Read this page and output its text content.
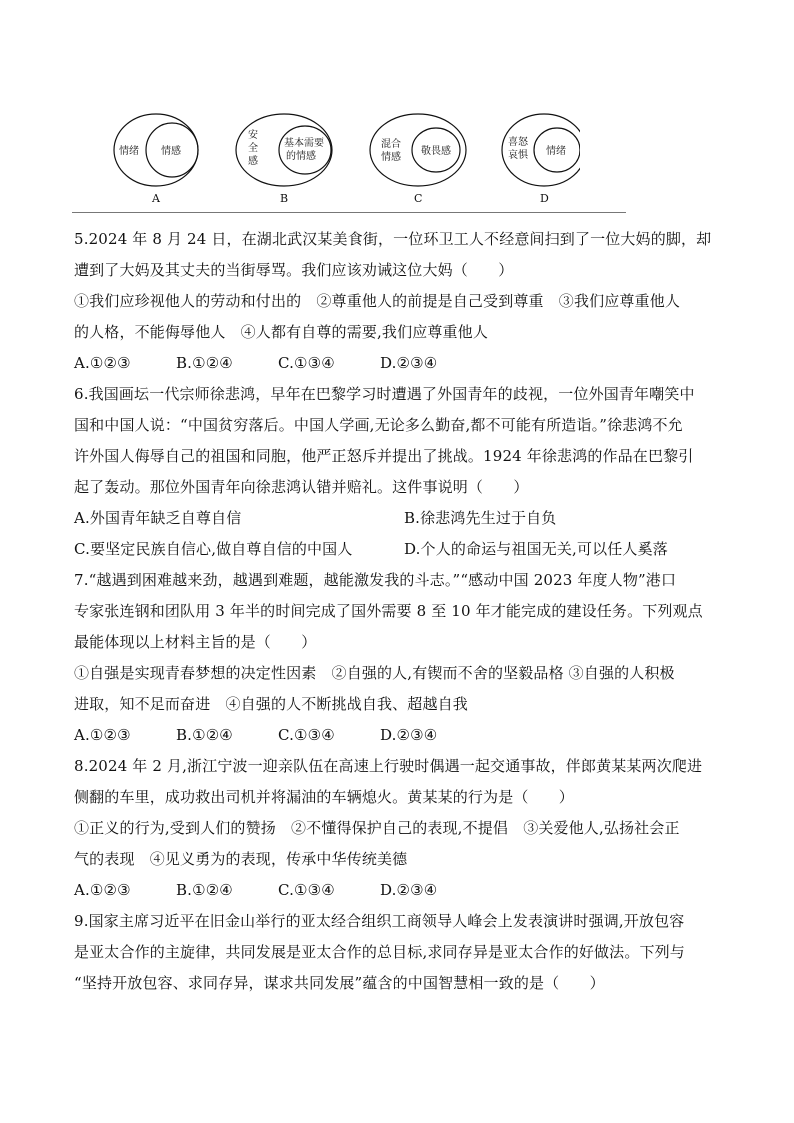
情绪 情感
A
安
全
感
基本需要
的情感
B
混合
情感
敬畏感
C
喜怒
哀惧 情绪
D
5.2024 年 8 月 24 日，在湖北武汉某美食街，一位环卫工人不经意间扫到了一位大妈的脚，却
遭到了大妈及其丈夫的当街辱骂。我们应该劝诫这位大妈（　　）
①我们应珍视他人的劳动和付出的　②尊重他人的前提是自己受到尊重　③我们应尊重他人
的人格，不能侮辱他人　④人都有自尊的需要,我们应尊重他人
A.①②③	B.①②④	C.①③④	D.②③④
6.我国画坛一代宗师徐悲鸿，早年在巴黎学习时遭遇了外国青年的歧视，一位外国青年嘲笑中
国和中国人说：“中国贫穷落后。中国人学画,无论多么勤奋,都不可能有所造诣。”徐悲鸿不允
许外国人侮辱自己的祖国和同胞，他严正怒斥并提出了挑战。1924 年徐悲鸿的作品在巴黎引
起了轰动。那位外国青年向徐悲鸿认错并赔礼。这件事说明（　　）
A.外国青年缺乏自尊自信	B.徐悲鸿先生过于自负
C.要坚定民族自信心,做自尊自信的中国人	D.个人的命运与祖国无关,可以任人奚落
7.“越遇到困难越来劲，越遇到难题，越能激发我的斗志。”“感动中国 2023 年度人物”港口
专家张连钢和团队用 3 年半的时间完成了国外需要 8 至 10 年才能完成的建设任务。下列观点
最能体现以上材料主旨的是（　　）
①自强是实现青春梦想的决定性因素　②自强的人,有锲而不舍的坚毅品格 ③自强的人积极
进取，知不足而奋进　④自强的人不断挑战自我、超越自我
A.①②③	B.①②④	C.①③④	D.②③④
8.2024 年 2 月,浙江宁波一迎亲队伍在高速上行驶时偶遇一起交通事故，伴郎黄某某两次爬进
侧翻的车里，成功救出司机并将漏油的车辆熄火。黄某某的行为是（　　）
①正义的行为,受到人们的赞扬　②不懂得保护自己的表现,不提倡　③关爱他人,弘扬社会正
气的表现　④见义勇为的表现，传承中华传统美德
A.①②③	B.①②④	C.①③④	D.②③④
9.国家主席习近平在旧金山举行的亚太经合组织工商领导人峰会上发表演讲时强调,开放包容
是亚太合作的主旋律，共同发展是亚太合作的总目标,求同存异是亚太合作的好做法。下列与
“坚持开放包容、求同存异，谋求共同发展”蕴含的中国智慧相一致的是（　　）
